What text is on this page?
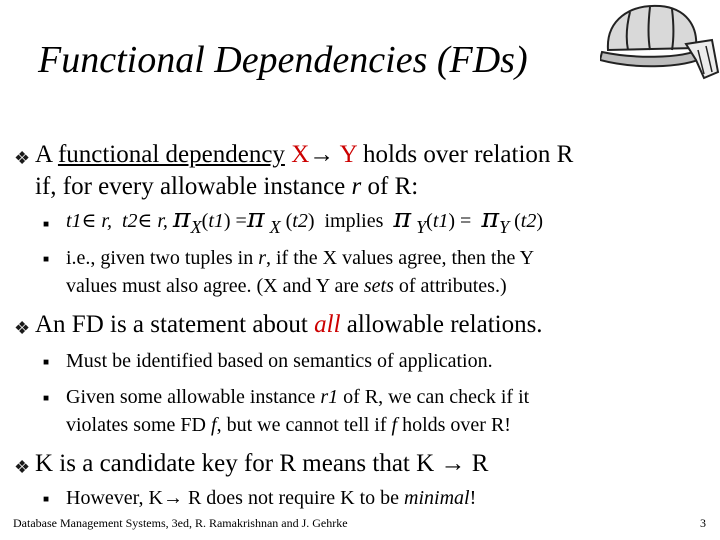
Functional Dependencies (FDs)
❖ A functional dependency X→ Y holds over relation R
if, for every allowable instance r of R:
■ t1∈ r, t2∈ r, πX(t1) =π X (t2) implies π Y(t1) = πY (t2)
■ i.e., given two tuples in r, if the X values agree, then the Y
values must also agree. (X and Y are sets of attributes.)
❖ An FD is a statement about all allowable relations.
■ Must be identified based on semantics of application.
■ Given some allowable instance r1 of R, we can check if it
violates some FD f, but we cannot tell if f holds over R!
❖ K is a candidate key for R means that K → R
■ However, K→ R does not require K to be minimal!
Database Management Systems, 3ed, R. Ramakrishnan and J. Gehrke	3
